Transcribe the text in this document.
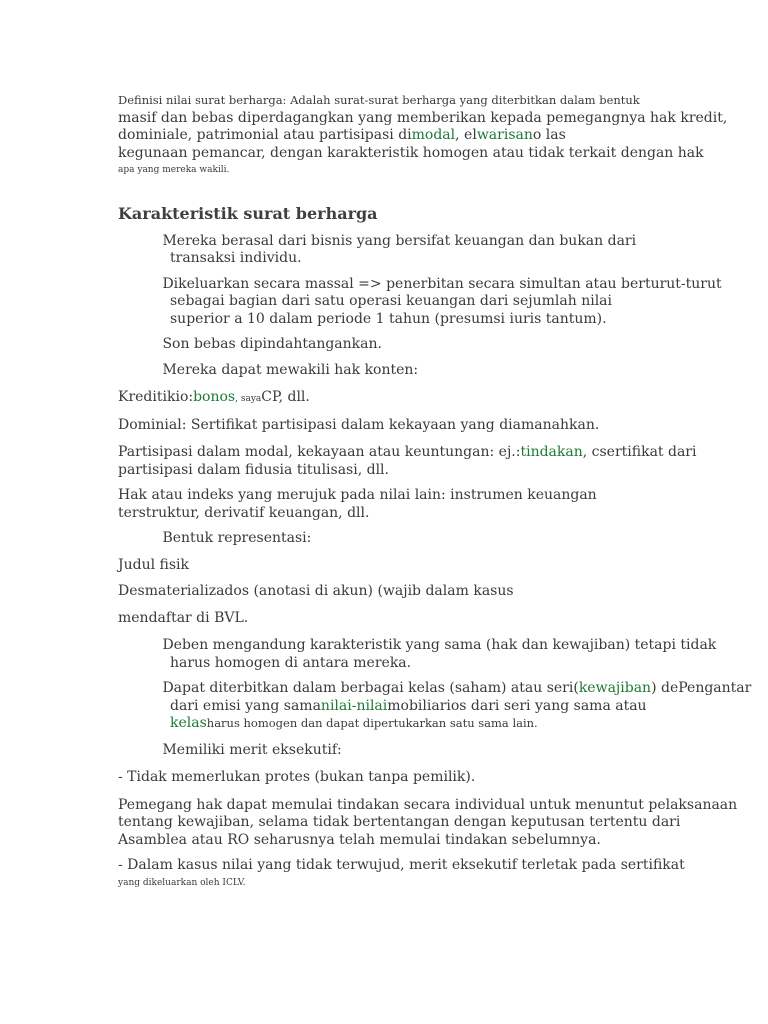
Definisi nilai surat berharga: Adalah surat-surat berharga yang diterbitkan dalam bentuk
masif dan bebas diperdagangkan yang memberikan kepada pemegangnya hak kredit,
dominiale, patrimonial atau partisipasi dimodal, elwarisano las
kegunaan pemancar, dengan karakteristik homogen atau tidak terkait dengan hak
apa yang mereka wakili.
Karakteristik surat berharga
Mereka berasal dari bisnis yang bersifat keuangan dan bukan dari
transaksi individu.
Dikeluarkan secara massal => penerbitan secara simultan atau berturut-turut
sebagai bagian dari satu operasi keuangan dari sejumlah nilai
superior a 10 dalam periode 1 tahun (presumsi iuris tantum).
Son bebas dipindahtangankan.
Mereka dapat mewakili hak konten:
Kreditikio:bonos, sayaCP, dll.
Dominial: Sertifikat partisipasi dalam kekayaan yang diamanahkan.
Partisipasi dalam modal, kekayaan atau keuntungan: ej.:tindakan, csertifikat dari
partisipasi dalam fidusia titulisasi, dll.
Hak atau indeks yang merujuk pada nilai lain: instrumen keuangan
terstruktur, derivatif keuangan, dll.
Bentuk representasi:
Judul fisik
Desmaterializados (anotasi di akun) (wajib dalam kasus
mendaftar di BVL.
Deben mengandung karakteristik yang sama (hak dan kewajiban) tetapi tidak
harus homogen di antara mereka.
Dapat diterbitkan dalam berbagai kelas (saham) atau seri(kewajiban) dePengantar
dari emisi yang samanilai-nilaimobiliarios dari seri yang sama atau
kelasharus homogen dan dapat dipertukarkan satu sama lain.
Memiliki merit eksekutif:
- Tidak memerlukan protes (bukan tanpa pemilik).
Pemegang hak dapat memulai tindakan secara individual untuk menuntut pelaksanaan
tentang kewajiban, selama tidak bertentangan dengan keputusan tertentu dari
Asamblea atau RO seharusnya telah memulai tindakan sebelumnya.
- Dalam kasus nilai yang tidak terwujud, merit eksekutif terletak pada sertifikat
yang dikeluarkan oleh ICLV.
